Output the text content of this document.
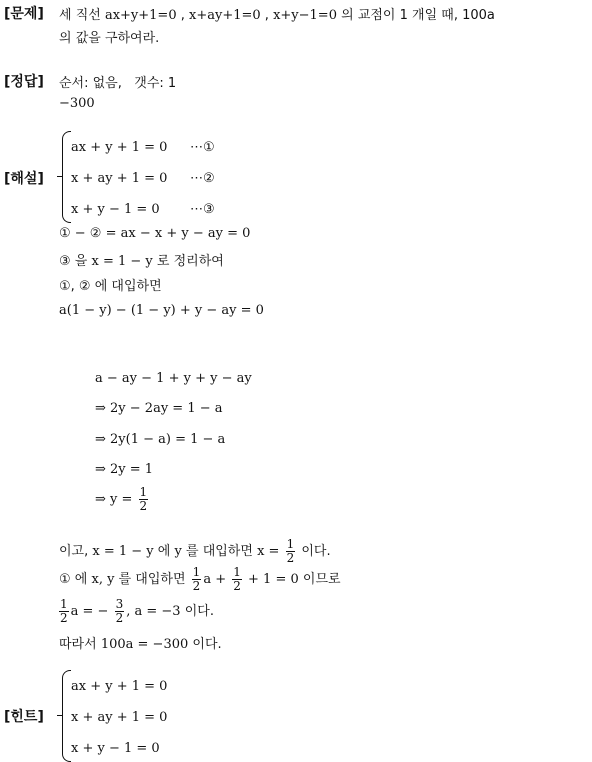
[문제] 세 직선 ax+y+1=0 , x+ay+1=0 , x+y−1=0 의 교점이 1 개일 때, 100a
의 값을 구하여라.
[정답] 순서: 없음, 갯수: 1
−300
[해설]
ax + y + 1 = 0 ⋯①
x + ay + 1 = 0 ⋯②
x + y − 1 = 0 ⋯③
① − ② = ax − x + y − ay = 0
③ 을 x = 1 − y 로 정리하여
①, ② 에 대입하면
a(1 − y) − (1 − y) + y − ay = 0
a − ay − 1 + y + y − ay
⇒ 2y − 2ay = 1 − a
⇒ 2y(1 − a) = 1 − a
⇒ 2y = 1
⇒ $y = \frac{1}{2}$
이고, x = 1 − y 에 y 를 대입하면 $x = \frac{1}{2}$ 이다.
① 에 x, y 를 대입하면 $\frac{1}{2}$ $a + \frac{1}{2} + 1 = 0$ 이므로
$\frac{1}{2}$ a = − $\frac{3}{2}$ , a = −3 이다.
따라서 100a = −300 이다.
[힌트]
ax + y + 1 = 0
x + ay + 1 = 0
x + y − 1 = 0
